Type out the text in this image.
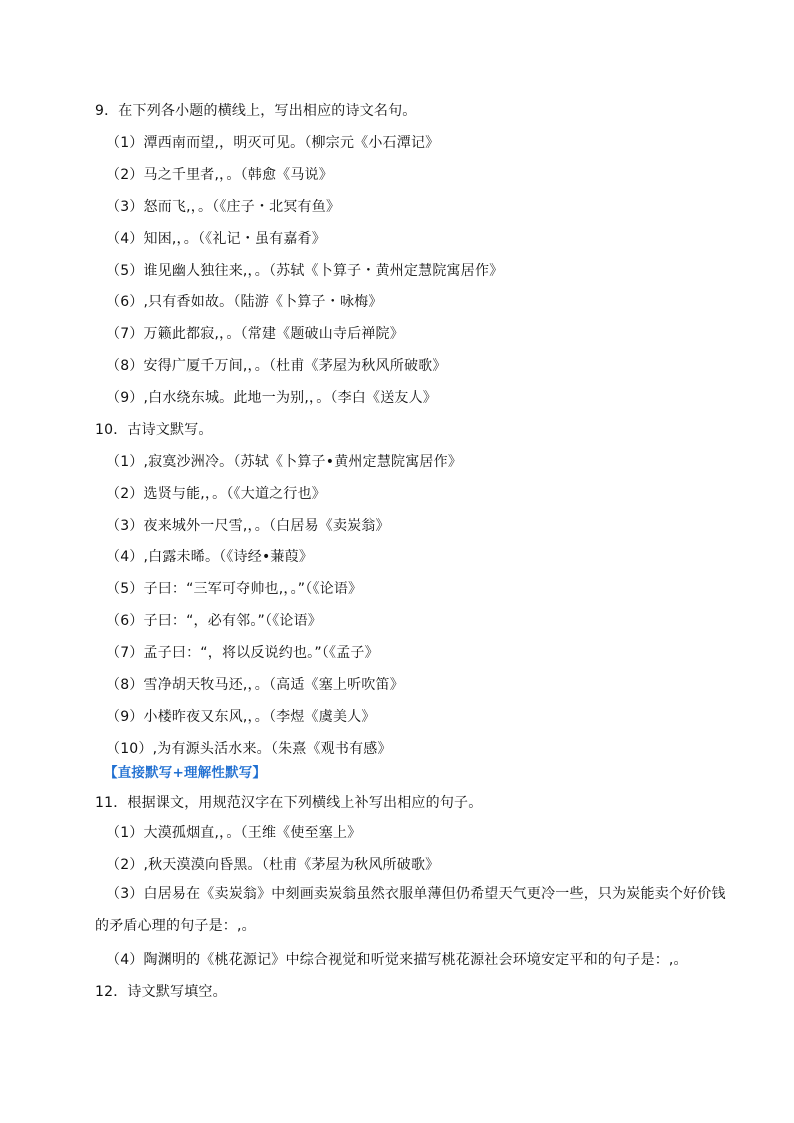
9．在下列各小题的横线上，写出相应的诗文名句。
（1）潭西南而望,，明灭可见。（柳宗元《小石潭记》
（2）马之千里者,，。（韩愈《马说》
（3）怒而飞,，。（《庄子・北冥有鱼》
（4）知困,，。（《礼记・虽有嘉肴》
（5）谁见幽人独往来,，。（苏轼《卜算子・黄州定慧院寓居作》
（6）,只有香如故。（陆游《卜算子・咏梅》
（7）万籁此都寂,，。（常建《题破山寺后禅院》
（8）安得广厦千万间,，。（杜甫《茅屋为秋风所破歌》
（9）,白水绕东城。此地一为别,，。（李白《送友人》
10．古诗文默写。
（1）,寂寞沙洲冷。（苏轼《卜算子•黄州定慧院寓居作》
（2）选贤与能,，。（《大道之行也》
（3）夜来城外一尺雪,，。（白居易《卖炭翁》
（4）,白露未晞。（《诗经•蒹葭》
（5）子曰：“三军可夺帅也,，。”（《论语》
（6）子曰：“，必有邻。”（《论语》
（7）孟子曰：“，将以反说约也。”（《孟子》
（8）雪净胡天牧马还,，。（高适《塞上听吹笛》
（9）小楼昨夜又东风,，。（李煜《虞美人》
（10）,为有源头活水来。（朱熹《观书有感》
【直接默写+理解性默写】
11．根据课文，用规范汉字在下列横线上补写出相应的句子。
（1）大漠孤烟直,，。（王维《使至塞上》
（2）,秋天漠漠向昏黑。（杜甫《茅屋为秋风所破歌》
（3）白居易在《卖炭翁》中刻画卖炭翁虽然衣服单薄但仍希望天气更冷一些，只为炭能卖个好价钱的矛盾心理的句子是：,。
（4）陶渊明的《桃花源记》中综合视觉和听觉来描写桃花源社会环境安定平和的句子是：,。
12．诗文默写填空。
